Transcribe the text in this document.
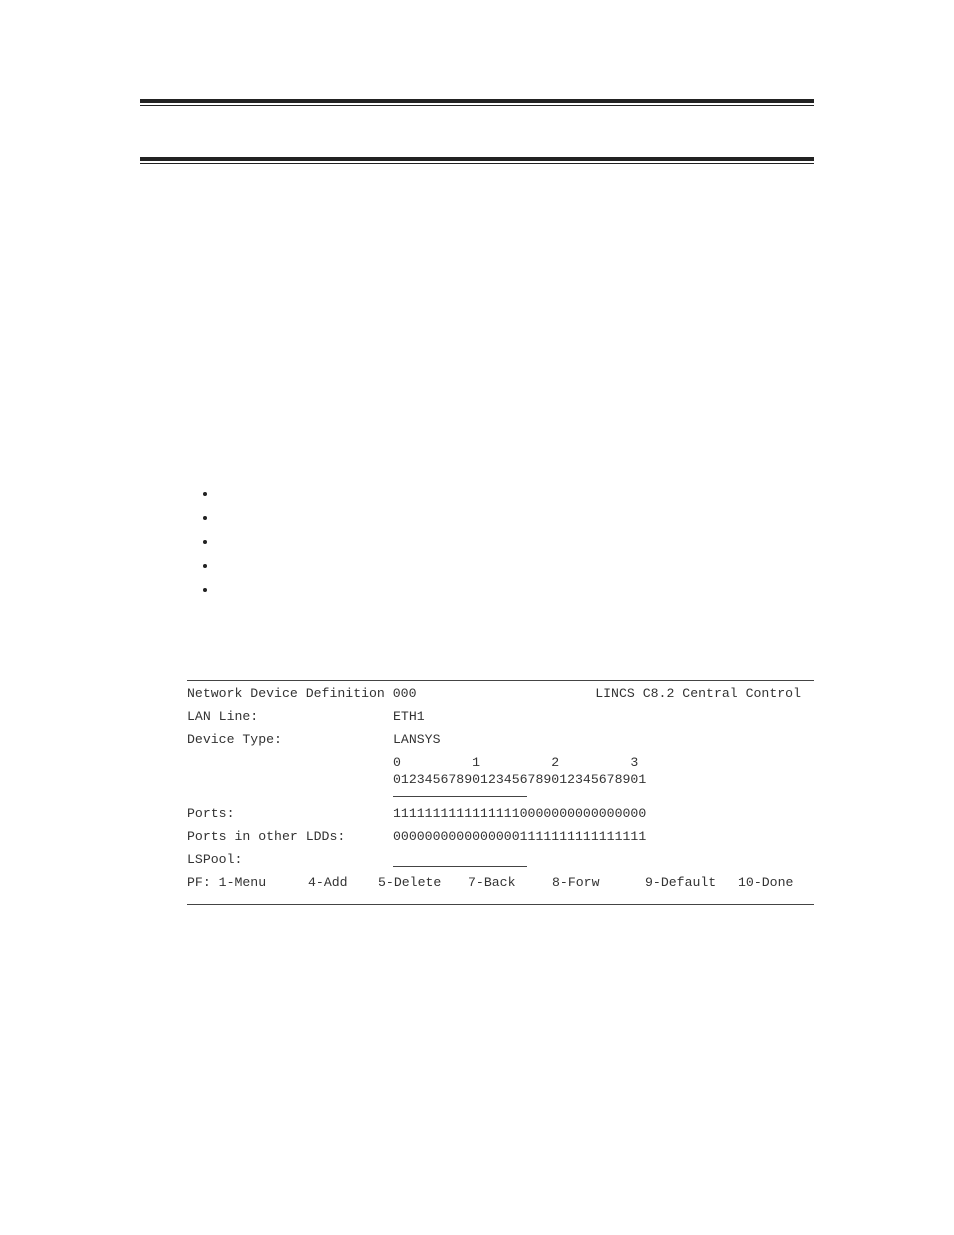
Network Device Definition 000	LINCS C8.2 Central Control
LAN Line:	ETH1
Device Type:	LANSYS
0         1         2         3
01234567890123456789012345678901
Ports:	11111111111111110000000000000000
Ports in other LDDs:	00000000000000001111111111111111
LSPool:
PF: 1-Menu	4-Add 5-Delete 7-Back	8-Forw	9-Default 10-Done
